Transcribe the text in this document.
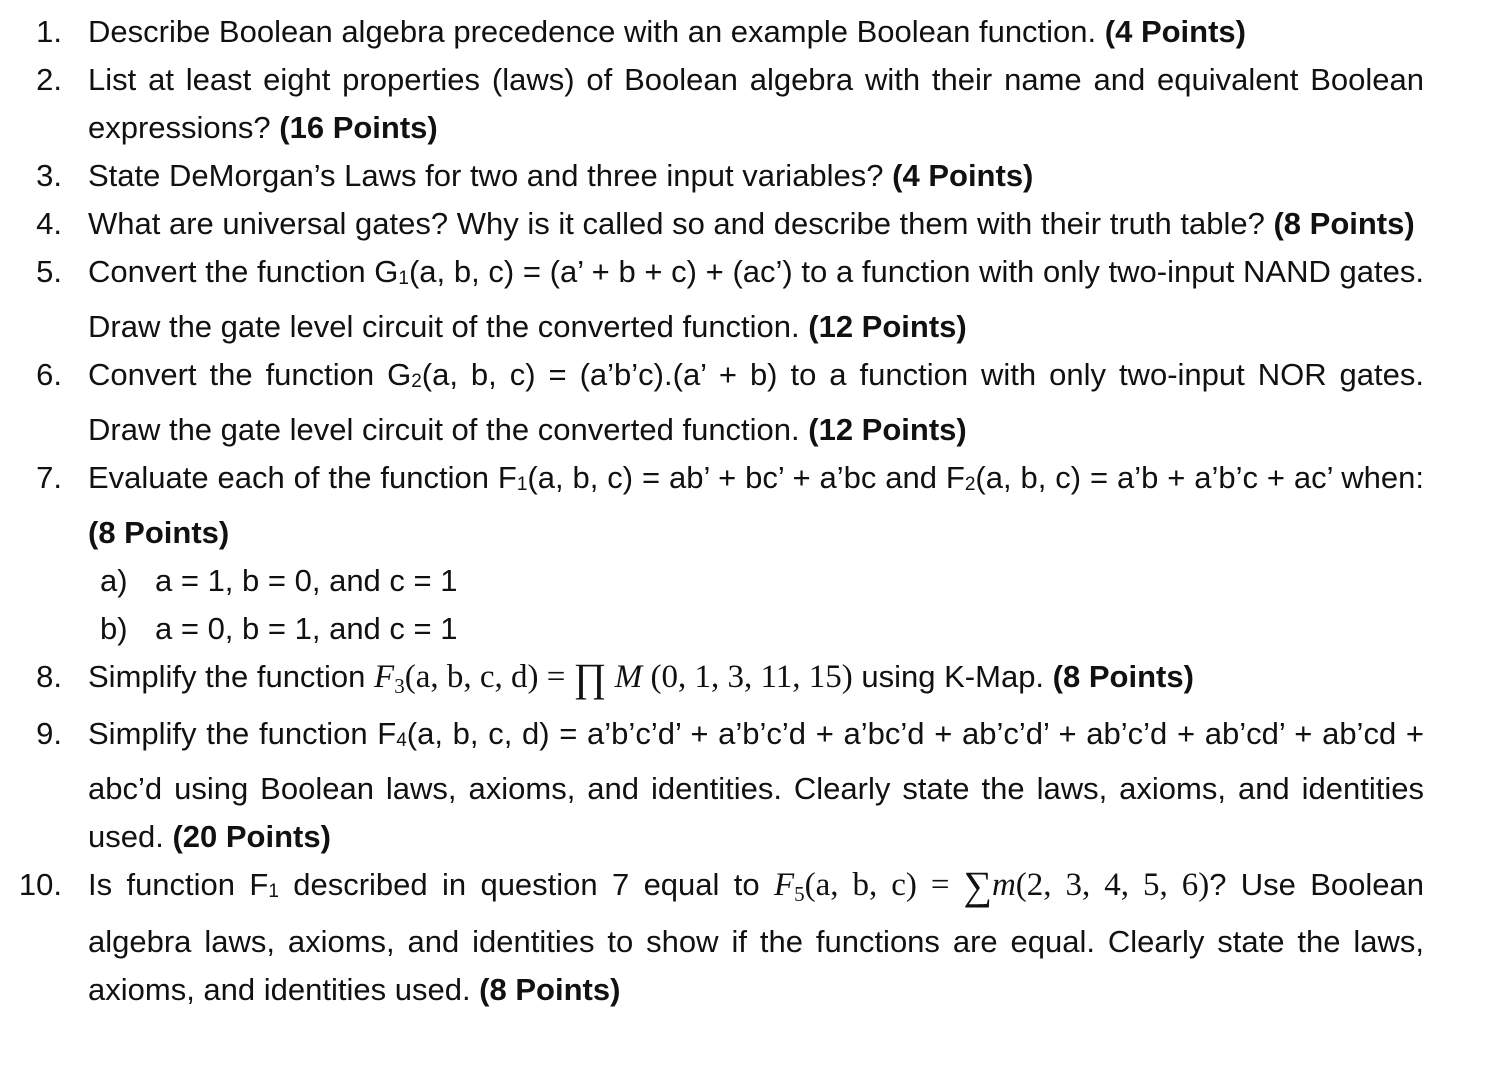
1. Describe Boolean algebra precedence with an example Boolean function. (4 Points)
2. List at least eight properties (laws) of Boolean algebra with their name and equivalent Boolean expressions? (16 Points)
3. State DeMorgan’s Laws for two and three input variables? (4 Points)
4. What are universal gates? Why is it called so and describe them with their truth table? (8 Points)
5. Convert the function G1(a, b, c) = (a’ + b + c) + (ac’) to a function with only two-input NAND gates. Draw the gate level circuit of the converted function. (12 Points)
6. Convert the function G2(a, b, c) = (a’b’c).(a’ + b) to a function with only two-input NOR gates. Draw the gate level circuit of the converted function. (12 Points)
7. Evaluate each of the function F1(a, b, c) = ab’ + bc’ + a’bc and F2(a, b, c) = a’b + a’b’c + ac’ when: (8 Points)
a) a = 1, b = 0, and c = 1
b) a = 0, b = 1, and c = 1
8. Simplify the function F3(a, b, c, d) = ∏ M (0, 1, 3, 11, 15) using K-Map. (8 Points)
9. Simplify the function F4(a, b, c, d) = a’b’c’d’ + a’b’c’d + a’bc’d + ab’c’d’ + ab’c’d + ab’cd’ + ab’cd + abc’d using Boolean laws, axioms, and identities. Clearly state the laws, axioms, and identities used. (20 Points)
10. Is function F1 described in question 7 equal to F5(a, b, c) = ∑m(2, 3, 4, 5, 6)? Use Boolean algebra laws, axioms, and identities to show if the functions are equal. Clearly state the laws, axioms, and identities used. (8 Points)
